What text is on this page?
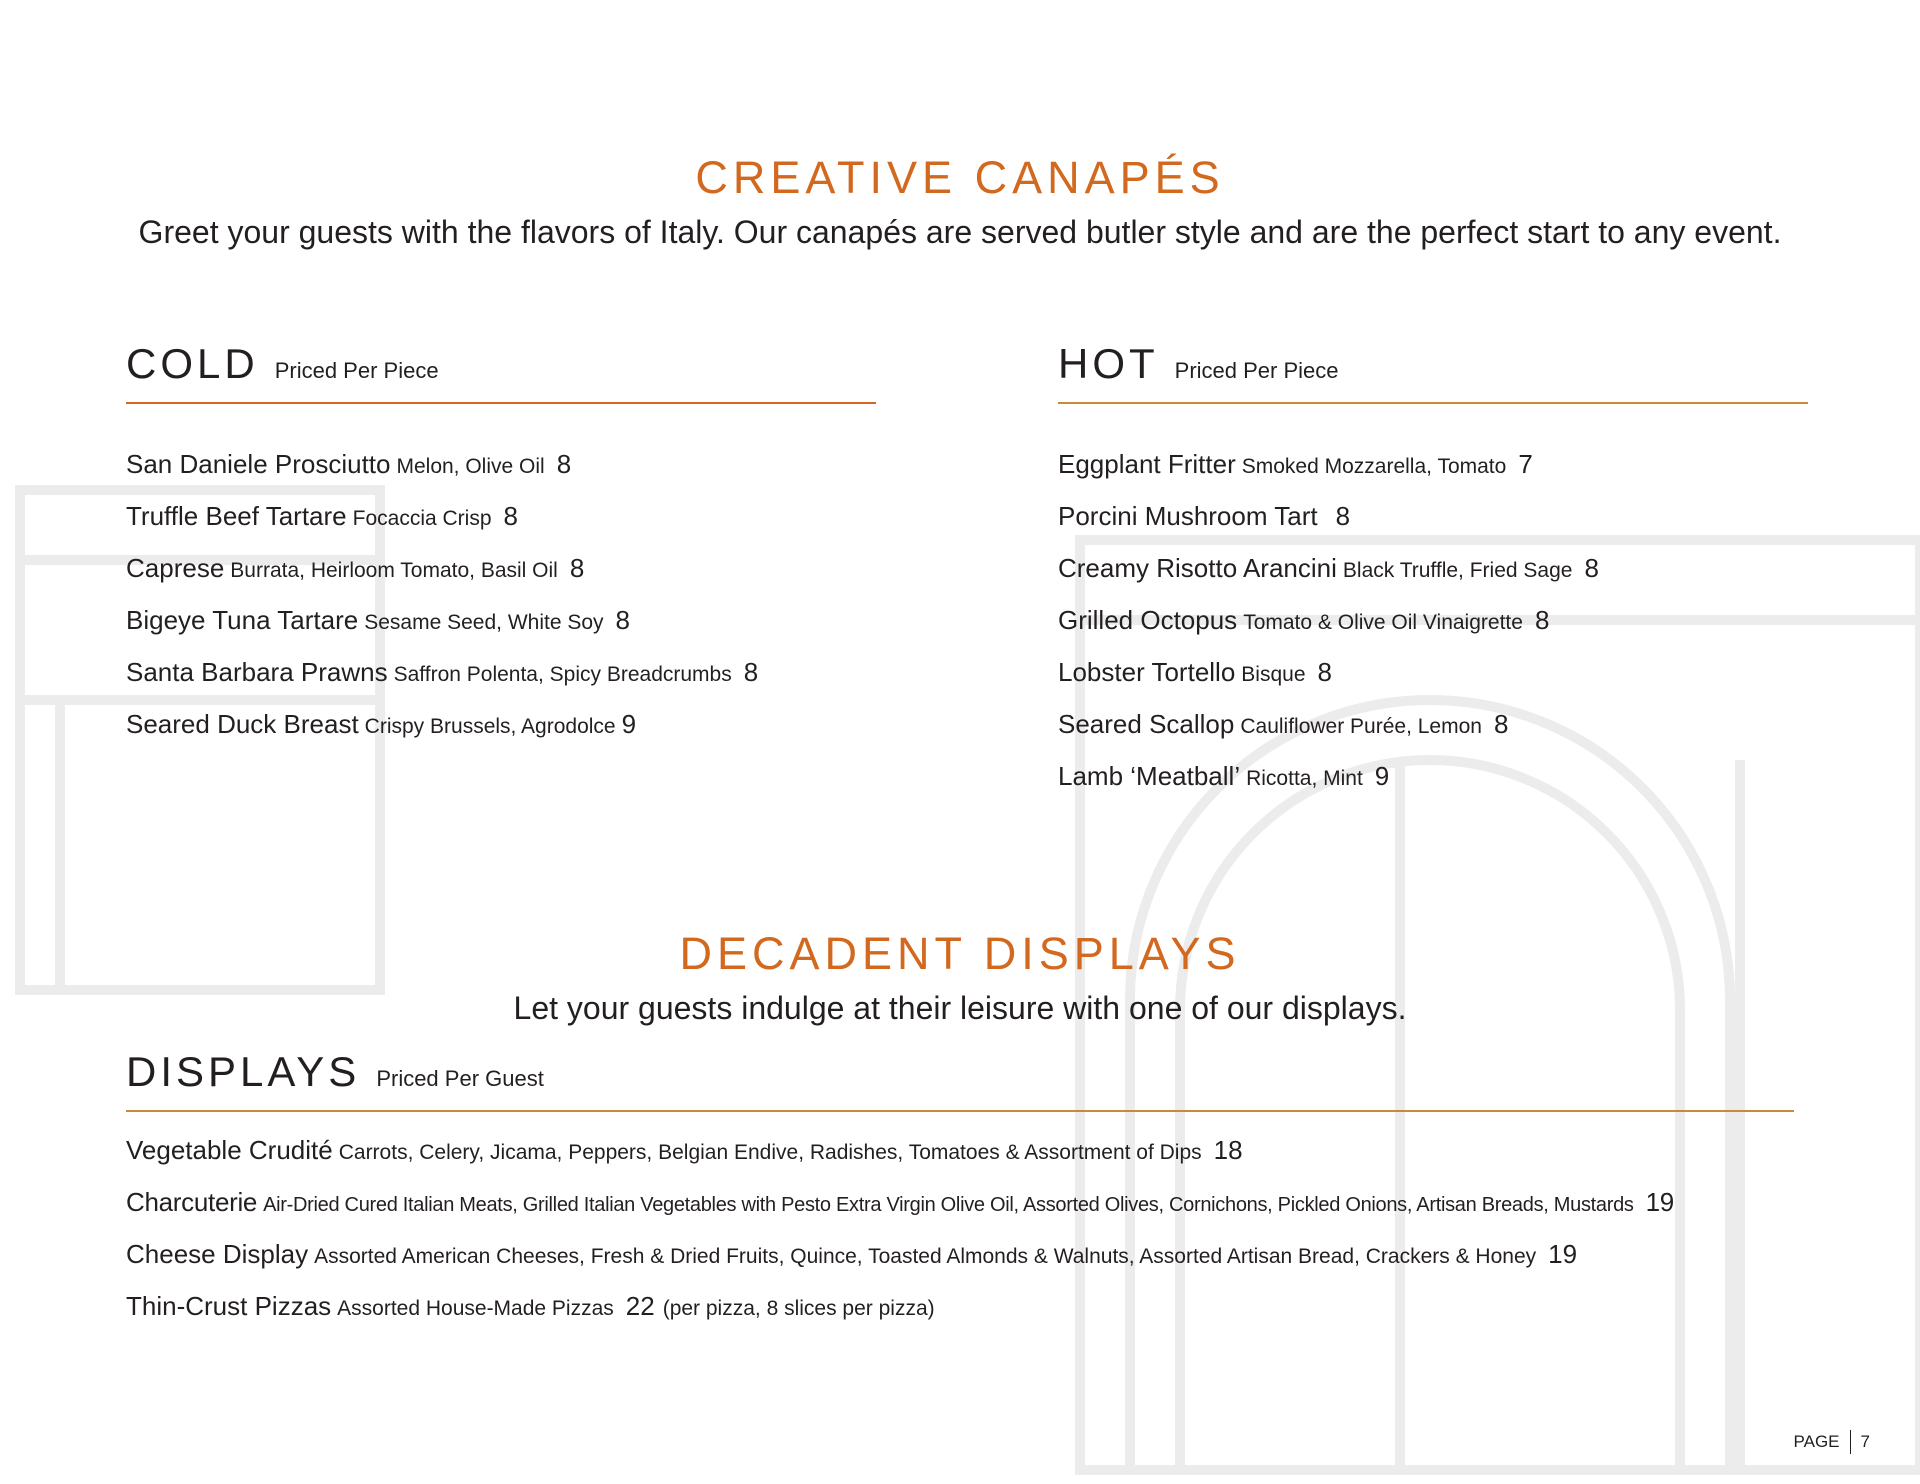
CREATIVE CANAPÉS

Greet your guests with the flavors of Italy. Our canapés are served butler style and are the perfect start to any event.

COLD Priced Per Piece
San Daniele Prosciutto Melon, Olive Oil 8
Truffle Beef Tartare Focaccia Crisp 8
Caprese Burrata, Heirloom Tomato, Basil Oil 8
Bigeye Tuna Tartare Sesame Seed, White Soy 8
Santa Barbara Prawns Saffron Polenta, Spicy Breadcrumbs 8
Seared Duck Breast Crispy Brussels, Agrodolce 9
HOT Priced Per Piece
Eggplant Fritter Smoked Mozzarella, Tomato 7
Porcini Mushroom Tart 8
Creamy Risotto Arancini Black Truffle, Fried Sage 8
Grilled Octopus Tomato & Olive Oil Vinaigrette 8
Lobster Tortello Bisque 8
Seared Scallop Cauliflower Purée, Lemon 8
Lamb ‘Meatball’ Ricotta, Mint 9
DECADENT DISPLAYS

Let your guests indulge at their leisure with one of our displays.

DISPLAYS Priced Per Guest
Vegetable Crudité Carrots, Celery, Jicama, Peppers, Belgian Endive, Radishes, Tomatoes & Assortment of Dips 18
Charcuterie Air-Dried Cured Italian Meats, Grilled Italian Vegetables with Pesto Extra Virgin Olive Oil, Assorted Olives, Cornichons, Pickled Onions, Artisan Breads, Mustards 19
Cheese Display Assorted American Cheeses, Fresh & Dried Fruits, Quince, Toasted Almonds & Walnuts, Assorted Artisan Bread, Crackers & Honey 19
Thin-Crust Pizzas Assorted House-Made Pizzas 22 (per pizza, 8 slices per pizza)
PAGE 7
